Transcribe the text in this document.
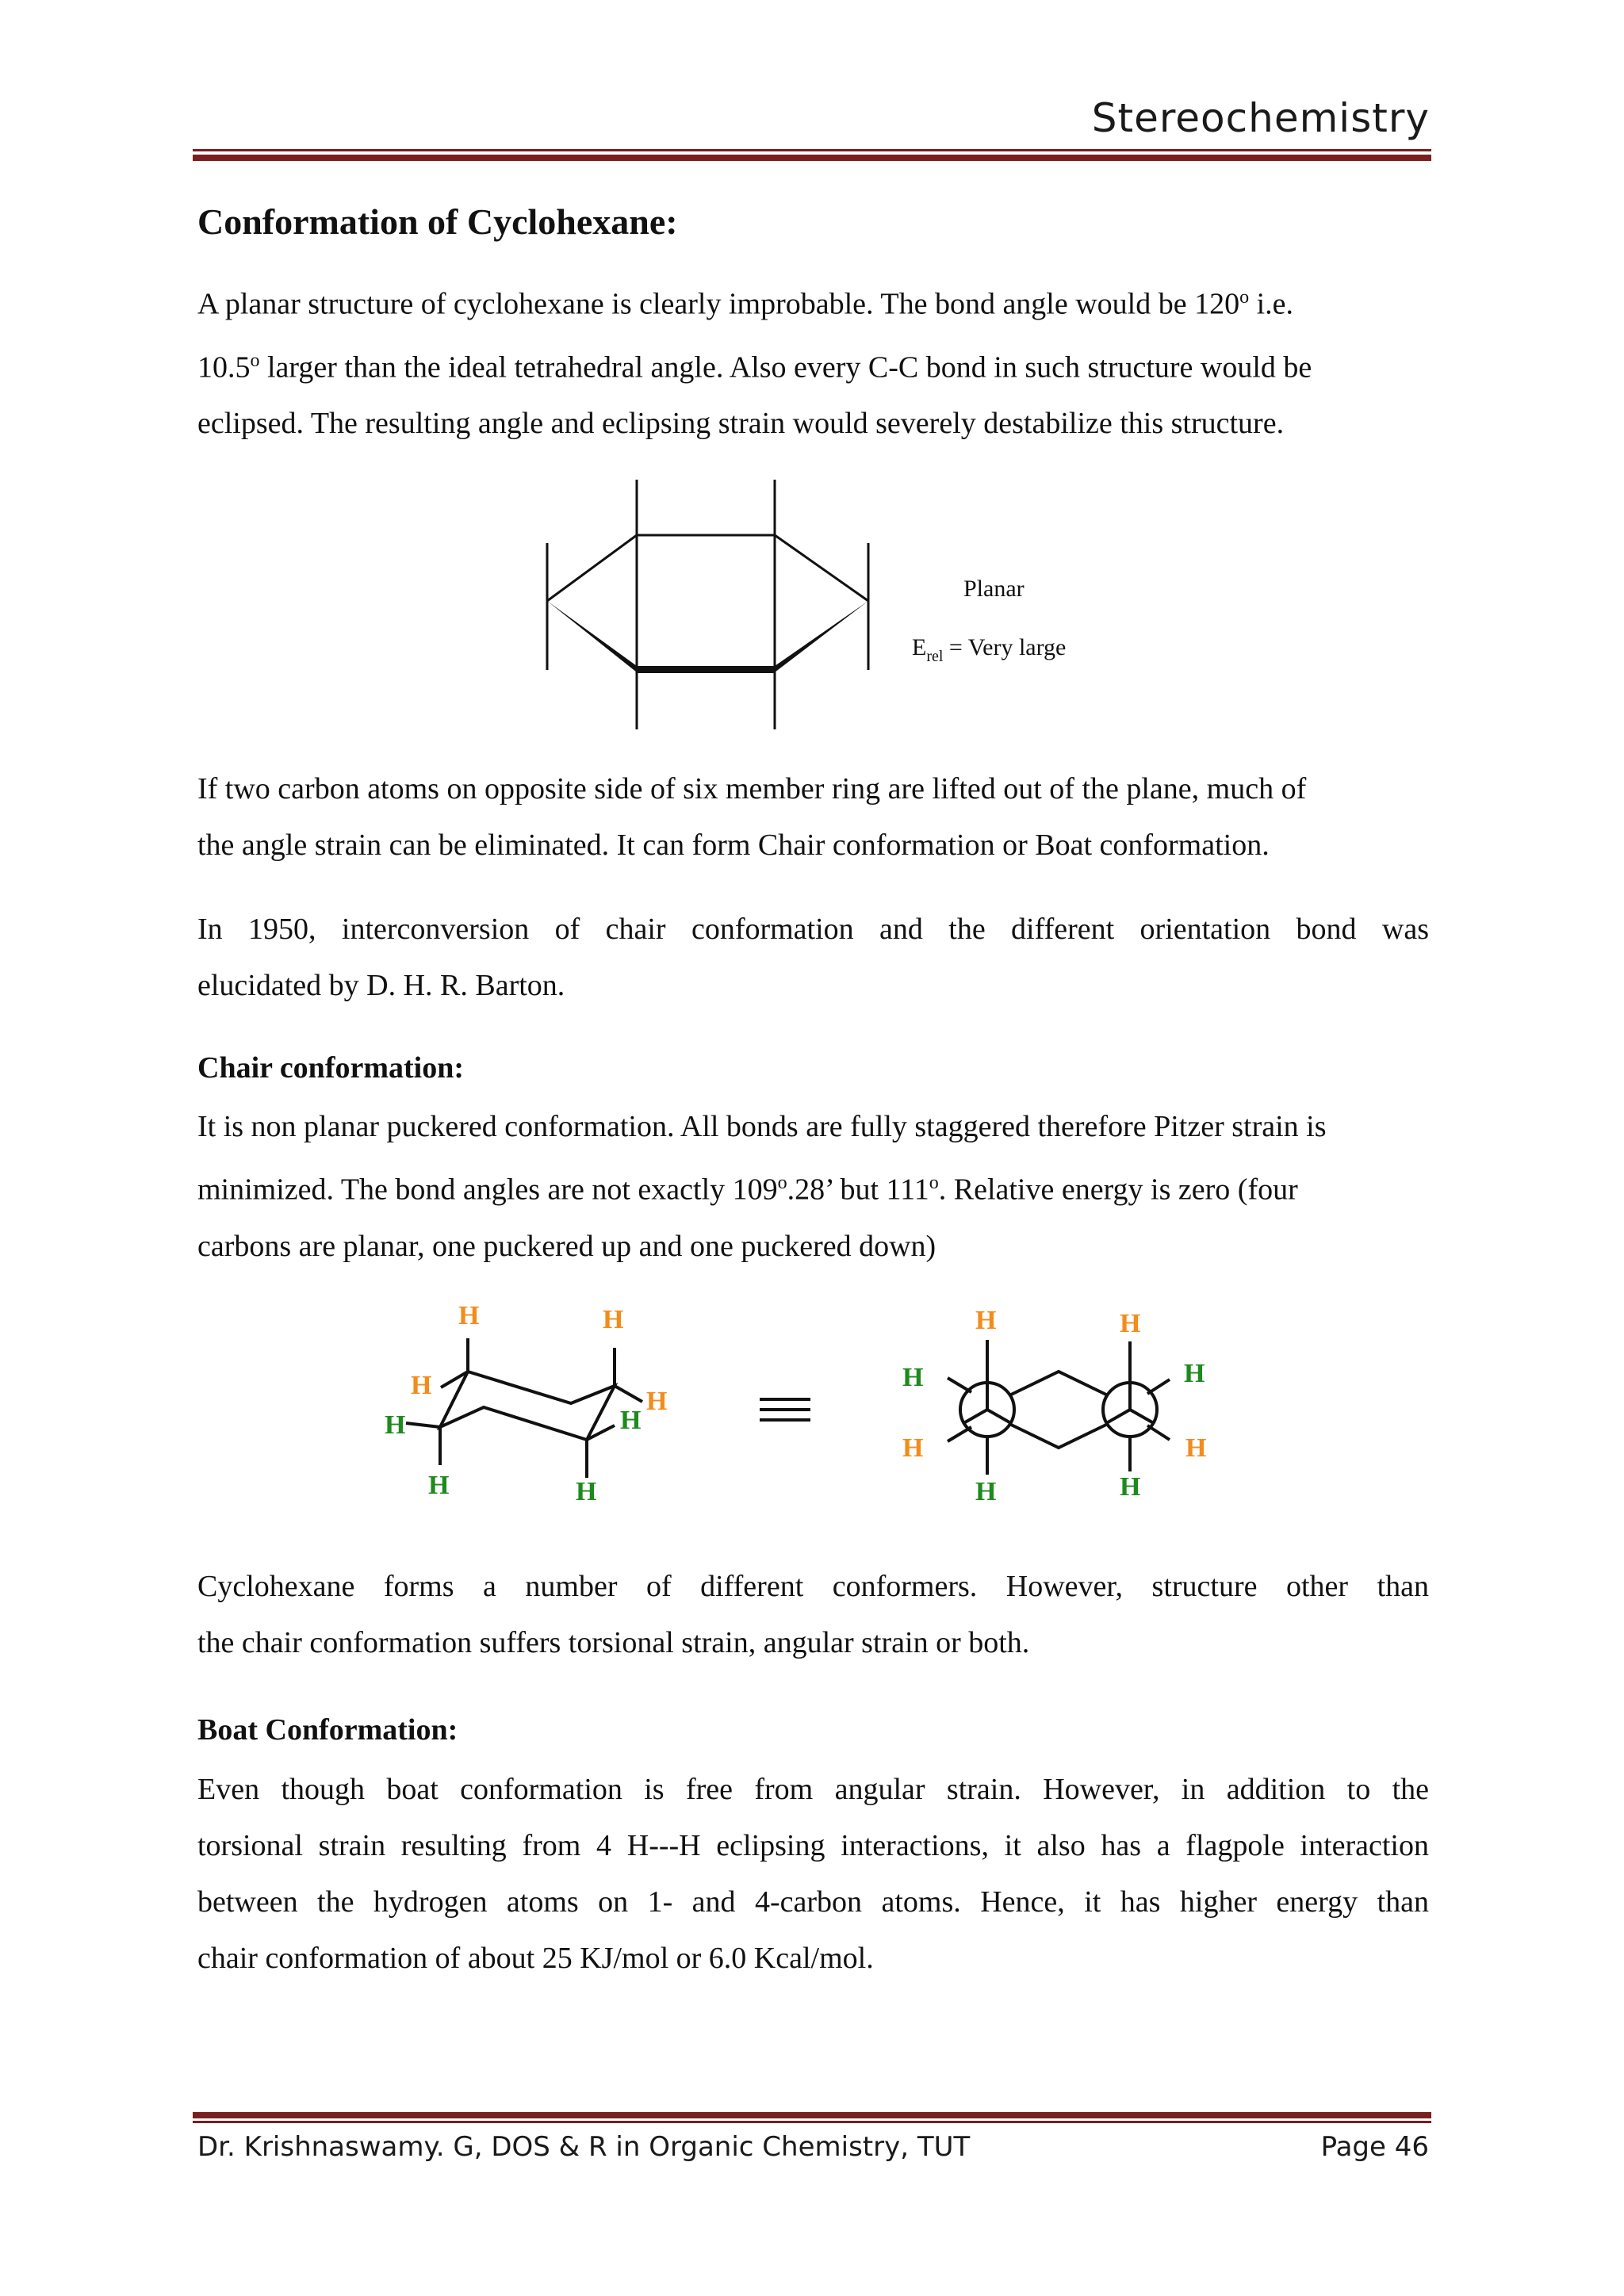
Stereochemistry
Conformation of Cyclohexane:
A planar structure of cyclohexane is clearly improbable. The bond angle would be 120$^o$ i.e.
10.5$^o$ larger than the ideal tetrahedral angle. Also every C-C bond in such structure would be
eclipsed. The resulting angle and eclipsing strain would severely destabilize this structure.
Planar
$E_{rel}$ = Very large
If two carbon atoms on opposite side of six member ring are lifted out of the plane, much of
the angle strain can be eliminated. It can form Chair conformation or Boat conformation.
In 1950, interconversion of chair conformation and the different orientation bond was
elucidated by D. H. R. Barton.
Chair conformation:
It is non planar puckered conformation. All bonds are fully staggered therefore Pitzer strain is
minimized. The bond angles are not exactly 109$^o$.28’ but 111$^o$. Relative energy is zero (four
carbons are planar, one puckered up and one puckered down)
H	H
H
H
H	H
H	H
H	H
H	H
H	H
H	H
Cyclohexane forms a number of different conformers. However, structure other than
the chair conformation suffers torsional strain, angular strain or both.
Boat Conformation:
Even though boat conformation is free from angular strain. However, in addition to the
torsional strain resulting from 4 H---H eclipsing interactions, it also has a flagpole interaction
between the hydrogen atoms on 1- and 4-carbon atoms. Hence, it has higher energy than
chair conformation of about 25 KJ/mol or 6.0 Kcal/mol.
Dr. Krishnaswamy. G, DOS & R in Organic Chemistry, TUT	Page 46
